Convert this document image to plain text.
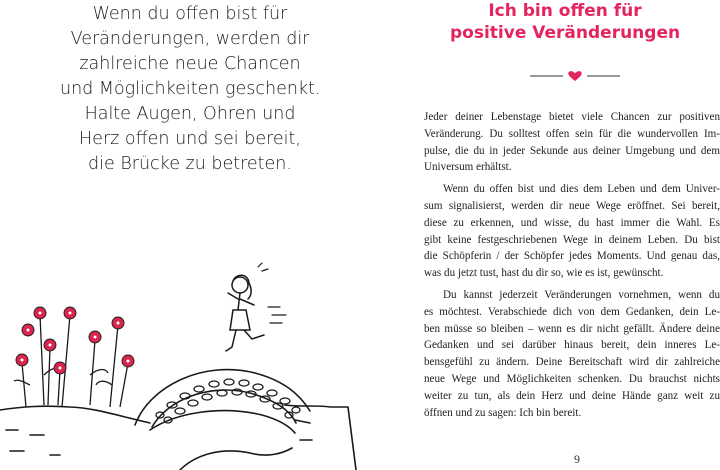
Wenn du offen bist für
Veränderungen, werden dir
zahlreiche neue Chancen
und Möglichkeiten geschenkt.
Halte Augen, Ohren und
Herz offen und sei bereit,
die Brücke zu betreten.

Ich bin offen für
positive Veränderungen

Jeder deiner Lebenstage bietet viele Chancen zur positiven
Veränderung. Du solltest offen sein für die wundervollen Im-
pulse, die du in jeder Sekunde aus deiner Umgebung und dem
Universum erhältst.

Wenn du offen bist und dies dem Leben und dem Univer-
sum signalisierst, werden dir neue Wege eröffnet. Sei bereit,
diese zu erkennen, und wisse, du hast immer die Wahl. Es
gibt keine festgeschriebenen Wege in deinem Leben. Du bist
die Schöpferin / der Schöpfer jedes Moments. Und genau das,
was du jetzt tust, hast du dir so, wie es ist, gewünscht.

Du kannst jederzeit Veränderungen vornehmen, wenn du
es möchtest. Verabschiede dich von dem Gedanken, dein Le-
ben müsse so bleiben – wenn es dir nicht gefällt. Ändere deine
Gedanken und sei darüber hinaus bereit, dein inneres Le-
bensgefühl zu ändern. Deine Bereitschaft wird dir zahlreiche
neue Wege und Möglichkeiten schenken. Du brauchst nichts
weiter zu tun, als dein Herz und deine Hände ganz weit zu
öffnen und zu sagen: Ich bin bereit.

9
